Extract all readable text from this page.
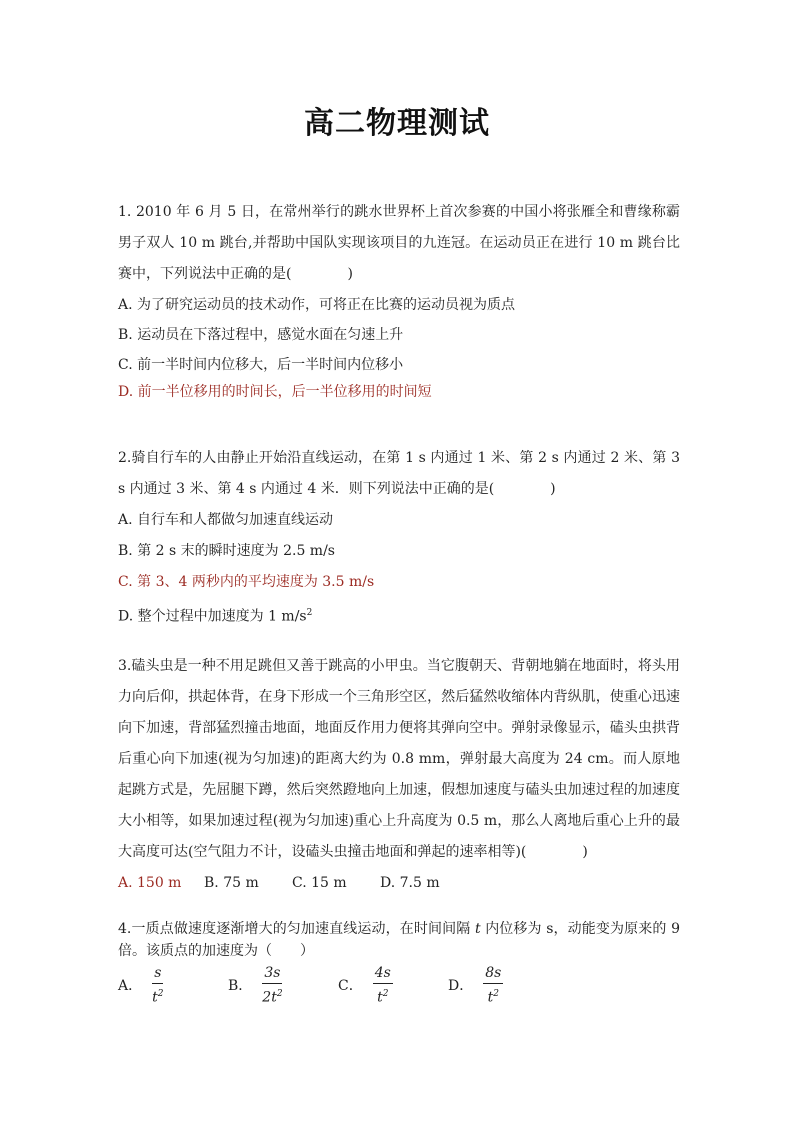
高二物理测试

1. 2010 年 6 月 5 日，在常州举行的跳水世界杯上首次参赛的中国小将张雁全和曹缘称霸男子双人 10 m 跳台,并帮助中国队实现该项目的九连冠。在运动员正在进行 10 m 跳台比赛中，下列说法中正确的是(　　　　)

A. 为了研究运动员的技术动作，可将正在比赛的运动员视为质点

B. 运动员在下落过程中，感觉水面在匀速上升

C. 前一半时间内位移大，后一半时间内位移小

D. 前一半位移用的时间长，后一半位移用的时间短

2.骑自行车的人由静止开始沿直线运动，在第 1 s 内通过 1 米、第 2 s 内通过 2 米、第 3 s 内通过 3 米、第 4 s 内通过 4 米．则下列说法中正确的是(　　　　)

A. 自行车和人都做匀加速直线运动

B. 第 2 s 末的瞬时速度为 2.5 m/s

C. 第 3、4 两秒内的平均速度为 3.5 m/s

D. 整个过程中加速度为 1 $m/s^2$

3.磕头虫是一种不用足跳但又善于跳高的小甲虫。当它腹朝天、背朝地躺在地面时，将头用力向后仰，拱起体背，在身下形成一个三角形空区，然后猛然收缩体内背纵肌，使重心迅速向下加速，背部猛烈撞击地面，地面反作用力便将其弹向空中。弹射录像显示，磕头虫拱背后重心向下加速(视为匀加速)的距离大约为 0.8 mm，弹射最大高度为 24 cm。而人原地起跳方式是，先屈腿下蹲，然后突然蹬地向上加速，假想加速度与磕头虫加速过程的加速度大小相等，如果加速过程(视为匀加速)重心上升高度为 0.5 m，那么人离地后重心上升的最大高度可达(空气阻力不计，设磕头虫撞击地面和弹起的速率相等)(　　　　)

A. 150 m	B. 75 m	C. 15 m	D. 7.5 m

4.一质点做速度逐渐增大的匀加速直线运动，在时间间隔 t 内位移为 s，动能变为原来的 9 倍。该质点的加速度为（　　）

A． $\frac{s}{t^2}$	B． $\frac{3s}{2t^2}$	C． $\frac{4s}{t^2}$	D． $\frac{8s}{t^2}$
